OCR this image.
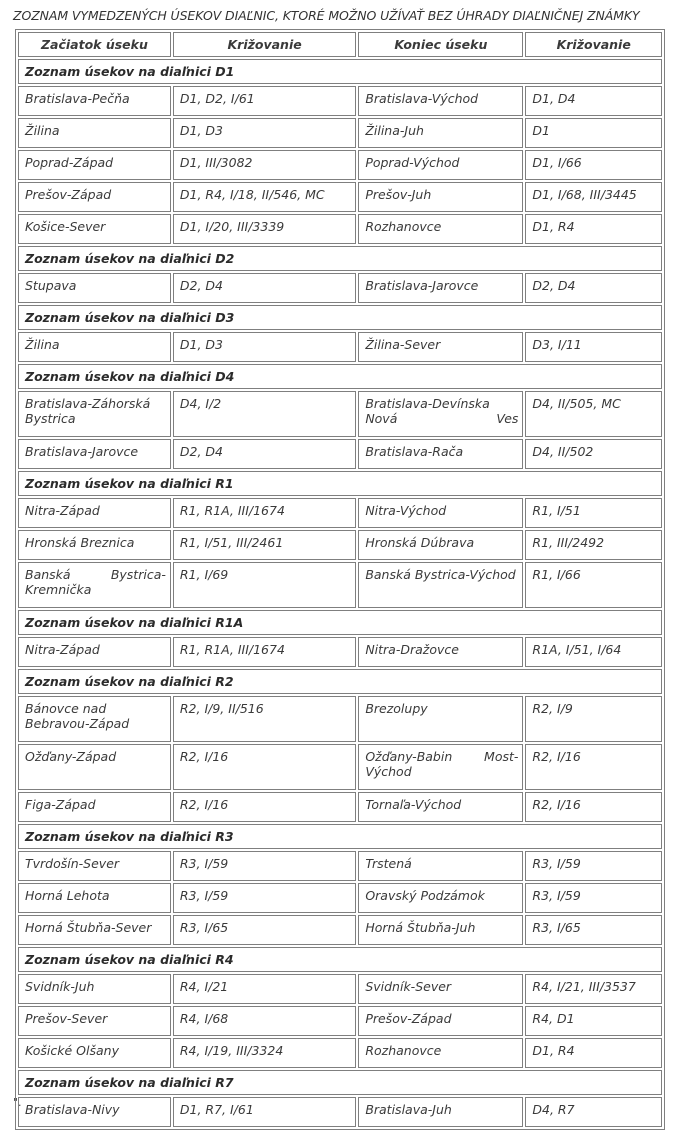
ZOZNAM VYMEDZENÝCH ÚSEKOV DIAĽNIC, KTORÉ MOŽNO UŽÍVAŤ BEZ ÚHRADY DIAĽNIČNEJ ZNÁMKY
Začiatok úseku	Križovanie	Koniec úseku	Križovanie
Zoznam úsekov na diaľnici D1			
Bratislava-Pečňa	D1, D2, I/61	Bratislava-Východ	D1, D4
Žilina	D1, D3	Žilina-Juh	D1
Poprad-Západ	D1, III/3082	Poprad-Východ	D1, I/66
Prešov-Západ	D1, R4, I/18, II/546, MC	Prešov-Juh	D1, I/68, III/3445
Košice-Sever	D1, I/20, III/3339	Rozhanovce	D1, R4
Zoznam úsekov na diaľnici D2			
Stupava	D2, D4	Bratislava-Jarovce	D2, D4
Zoznam úsekov na diaľnici D3			
Žilina	D1, D3	Žilina-Sever	D3, I/11
Zoznam úsekov na diaľnici D4			
Bratislava-Záhorská Bystrica	D4, I/2	Bratislava-Devínska Nová Ves	D4, II/505, MC
Bratislava-Jarovce	D2, D4	Bratislava-Rača	D4, II/502
Zoznam úsekov na diaľnici R1			
Nitra-Západ	R1, R1A, III/1674	Nitra-Východ	R1, I/51
Hronská Breznica	R1, I/51, III/2461	Hronská Dúbrava	R1, III/2492
Banská Bystrica-Kremnička	R1, I/69	Banská Bystrica-Východ	R1, I/66
Zoznam úsekov na diaľnici R1A			
Nitra-Západ	R1, R1A, III/1674	Nitra-Dražovce	R1A, I/51, I/64
Zoznam úsekov na diaľnici R2			
Bánovce nad Bebravou-Západ	R2, I/9, II/516	Brezolupy	R2, I/9
Ožďany-Západ	R2, I/16	Ožďany-Babin Most-Východ	R2, I/16
Figa-Západ	R2, I/16	Tornaľa-Východ	R2, I/16
Zoznam úsekov na diaľnici R3			
Tvrdošín-Sever	R3, I/59	Trstená	R3, I/59
Horná Lehota	R3, I/59	Oravský Podzámok	R3, I/59
Horná Štubňa-Sever	R3, I/65	Horná Štubňa-Juh	R3, I/65
Zoznam úsekov na diaľnici R4			
Svidník-Juh	R4, I/21	Svidník-Sever	R4, I/21, III/3537
Prešov-Sever	R4, I/68	Prešov-Západ	R4, D1
Košické Olšany	R4, I/19, III/3324	Rozhanovce	D1, R4
Zoznam úsekov na diaľnici R7			
Bratislava-Nivy	D1, R7, I/61	Bratislava-Juh	D4, R7
".
